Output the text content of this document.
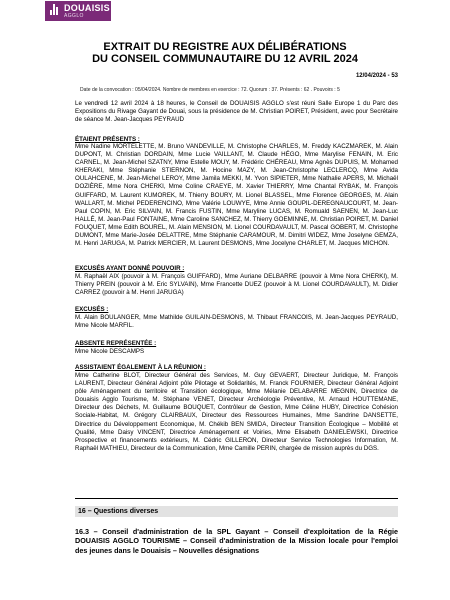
DOUAISIS
AGGLO
EXTRAIT DU REGISTRE AUX DÉLIBÉRATIONS
DU CONSEIL COMMUNAUTAIRE DU 12 AVRIL 2024
12/04/2024 - 53
Date de la convocation : 05/04/2024. Nombre de membres en exercice : 72. Quorum : 37. Présents : 62 . Pouvoirs : 5
Le vendredi 12 avril 2024 à 18 heures, le Conseil de DOUAISIS AGGLO s'est réuni Salle Europe 1 du Parc des Expositions du Rivage Gayant de Douai, sous la présidence de M. Christian POIRET, Président, avec pour Secrétaire de séance M. Jean-Jacques PEYRAUD
ÉTAIENT PRÉSENTS :
Mme Nadine MORTELETTE, M. Bruno VANDEVILLE, M. Christophe CHARLES, M. Freddy KACZMAREK, M. Alain DUPONT, M. Christian DORDAIN, Mme Lucie VAILLANT, M. Claude HÉGO, Mme Marylise FENAIN, M. Eric CARNEL, M. Jean-Michel SZATNY, Mme Estelle MOUY, M. Frédéric CHÉREAU, Mme Agnès DUPUIS, M. Mohamed KHERAKI, Mme Stéphanie STIERNON, M. Hocine MAZY, M. Jean-Christophe LECLERCQ, Mme Avida OULAHCENE, M. Jean-Michel LEROY, Mme Jamila MEKKI, M. Yvon SIPIETER, Mme Nathalie APERS, M. Michaël DOZIÈRE, Mme Nora CHERKI, Mme Coline CRAEYE, M. Xavier THIERRY, Mme Chantal RYBAK, M. François GUIFFARD, M. Laurent KUMOREK, M. Thierry BOURY, M. Lionel BLASSEL, Mme Florence GEORGES, M. Alain WALLART, M. Michel PEDERENCINO, Mme Valérie LOUWYE, Mme Annie GOUPIL-DEREGNAUCOURT, M. Jean-Paul COPIN, M. Eric SILVAIN, M. Francis FUSTIN, Mme Maryline LUCAS, M. Romuald SAENEN, M. Jean-Luc HALLÉ, M. Jean-Paul FONTAINE, Mme Caroline SANCHEZ, M. Thierry GOEMINNE, M. Christian POIRET, M. Daniel FOUQUET, Mme Edith BOUREL, M. Alain MENSION, M. Lionel COURDAVAULT, M. Pascal GOBERT, M. Christophe DUMONT, Mme Marie-Josée DELATTRE, Mme Stéphanie CARAMOUR, M. Dimitri WIDEZ, Mme Joselyne GEMZA, M. Henri JARUGA, M. Patrick MERCIER, M. Laurent DESMONS, Mme Jocelyne CHARLET, M. Jacques MICHON.
EXCUSÉS AYANT DONNÉ POUVOIR :
M. Raphaël AIX (pouvoir à M. François GUIFFARD), Mme Auriane DELBARRE (pouvoir à Mme Nora CHERKI), M. Thierry PREIN (pouvoir à M. Eric SYLVAIN), Mme Francette DUEZ (pouvoir à M. Lionel COURDAVAULT), M. Didier CARREZ (pouvoir à M. Henri JARUGA)
EXCUSÉS :
M. Alain BOULANGER, Mme Mathilde GUILAIN-DESMONS, M. Thibaut FRANCOIS, M. Jean-Jacques PEYRAUD, Mme Nicole MARFIL.
ABSENTE REPRÉSENTÉE :
Mme Nicole DESCAMPS
ASSISTAIENT ÉGALEMENT À LA RÉUNION :
Mme Catherine BLOT, Directeur Général des Services, M. Guy GEVAERT, Directeur Juridique, M. François LAURENT, Directeur Général Adjoint pôle Pilotage et Solidarités, M. Franck FOURNIER, Directeur Général Adjoint pôle Aménagement du territoire et Transition écologique, Mme Mélanie DELABARRE MEGNIN, Directrice de Douaisis Agglo Tourisme, M. Stéphane VENET, Directeur Archéologie Préventive, M. Arnaud HOUTTEMANE, Directeur des Déchets, M. Guillaume BOUQUET, Contrôleur de Gestion, Mme Céline HUBY, Directrice Cohésion Sociale-Habitat, M. Grégory CLAIRBAUX, Directeur des Ressources Humaines, Mme Sandrine DANSETTE, Directrice du Développement Economique, M. Chékib BEN SMIDA, Directeur Transition Écologique – Mobilité et Qualité, Mme Daisy VINCENT, Directrice Aménagement et Voiries, Mme Elisabeth DANIELEWSKI, Directrice Prospective et financements extérieurs, M. Cédric GILLERON, Directeur Service Technologies Information, M. Raphaël MATHIEU, Directeur de la Communication, Mme Camille PERIN, chargée de mission auprès du DGS.
16 – Questions diverses
16.3 – Conseil d'administration de la SPL Gayant – Conseil d'exploitation de la Régie DOUAISIS AGGLO TOURISME – Conseil d'administration de la Mission locale pour l'emploi des jeunes dans le Douaisis – Nouvelles désignations
